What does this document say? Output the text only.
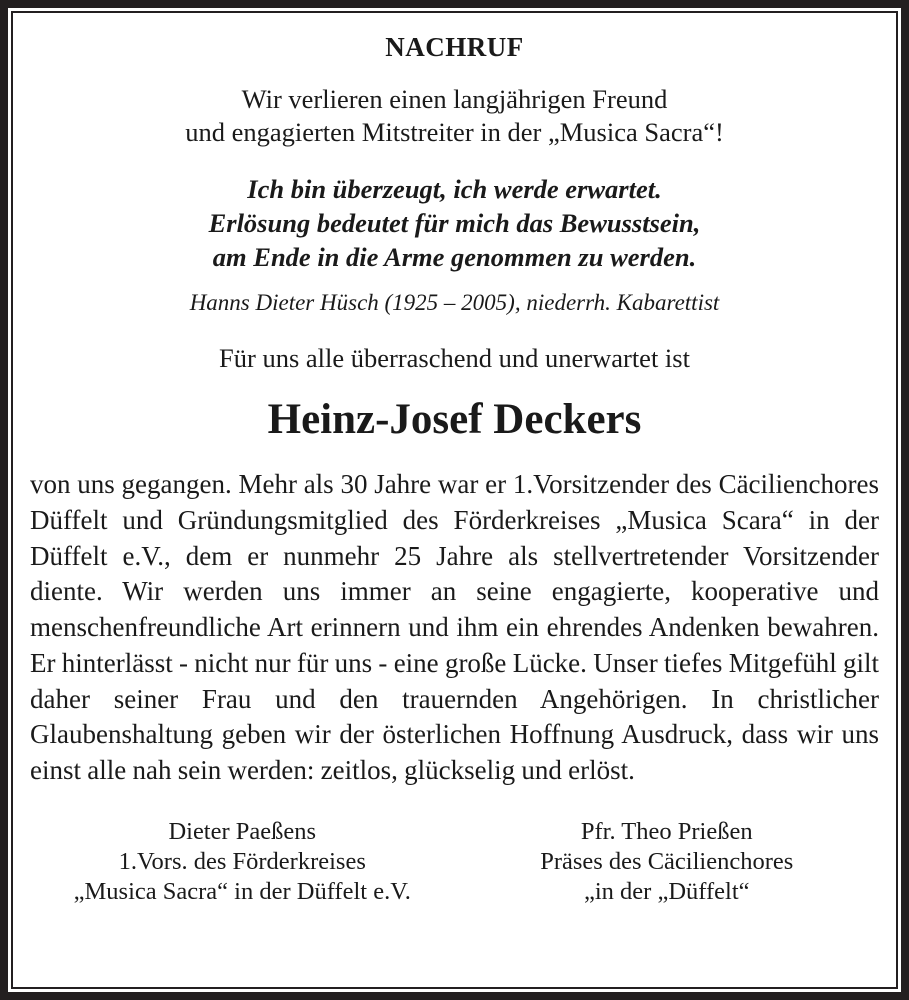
NACHRUF
Wir verlieren einen langjährigen Freund
und engagierten Mitstreiter in der „Musica Sacra“!
Ich bin überzeugt, ich werde erwartet.
Erlösung bedeutet für mich das Bewusstsein,
am Ende in die Arme genommen zu werden.
Hanns Dieter Hüsch (1925 – 2005), niederrh. Kabarettist
Für uns alle überraschend und unerwartet ist
Heinz-Josef Deckers
von uns gegangen. Mehr als 30 Jahre war er 1.Vorsitzender des Cäcilienchores Düffelt und Gründungsmitglied des Förderkreises „Musica Scara“ in der Düffelt e.V., dem er nunmehr 25 Jahre als stellvertretender Vorsitzender diente. Wir werden uns immer an seine engagierte, kooperative und menschenfreundliche Art erinnern und ihm ein ehrendes Andenken bewahren. Er hinterlässt - nicht nur für uns - eine große Lücke. Unser tiefes Mitgefühl gilt daher seiner Frau und den trauernden Angehörigen. In christlicher Glaubenshaltung geben wir der österlichen Hoffnung Ausdruck, dass wir uns einst alle nah sein werden: zeitlos, glückselig und erlöst.
Dieter Paeßens
1.Vors. des Förderkreises
„Musica Sacra“ in der Düffelt e.V.
Pfr. Theo Prießen
Präses des Cäcilienchores
„in der „Düffelt“
